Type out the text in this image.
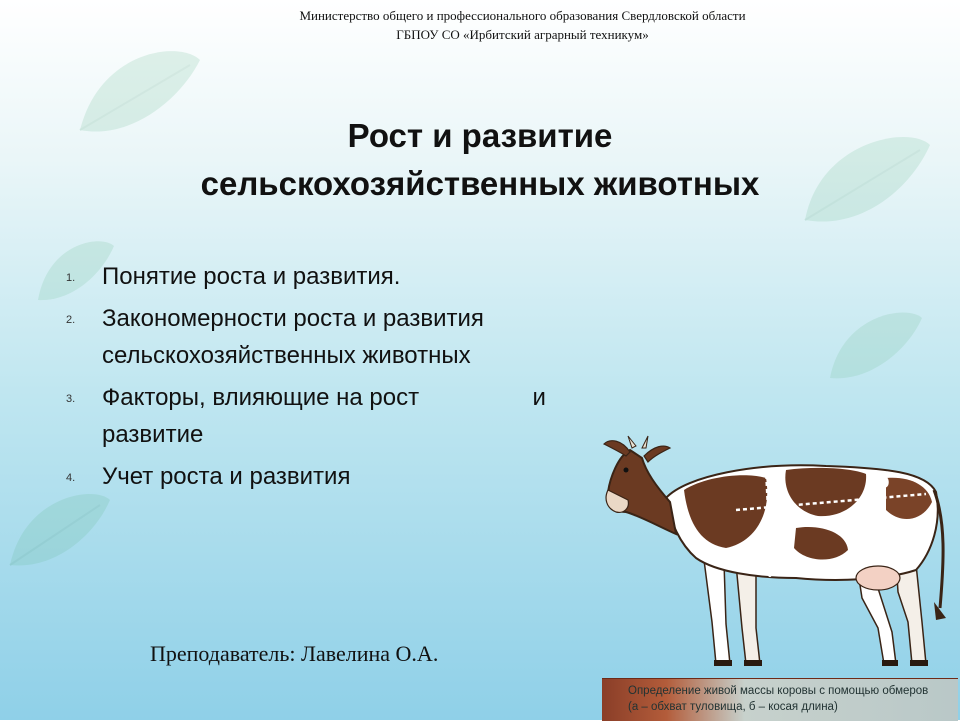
Министерство общего и профессионального образования Свердловской области
ГБПОУ СО «Ирбитский аграрный техникум»
Рост и развитие
сельскохозяйственных животных
1. Понятие роста и развития.
2. Закономерности роста и развития
сельскохозяйственных животных
3. Факторы, влияющие на рост                 и
развитие
4. Учет роста и развития
а
б
Преподаватель: Лавелина О.А.
Определение живой массы коровы с помощью обмеров
(а – обхват туловища, б – косая длина)
